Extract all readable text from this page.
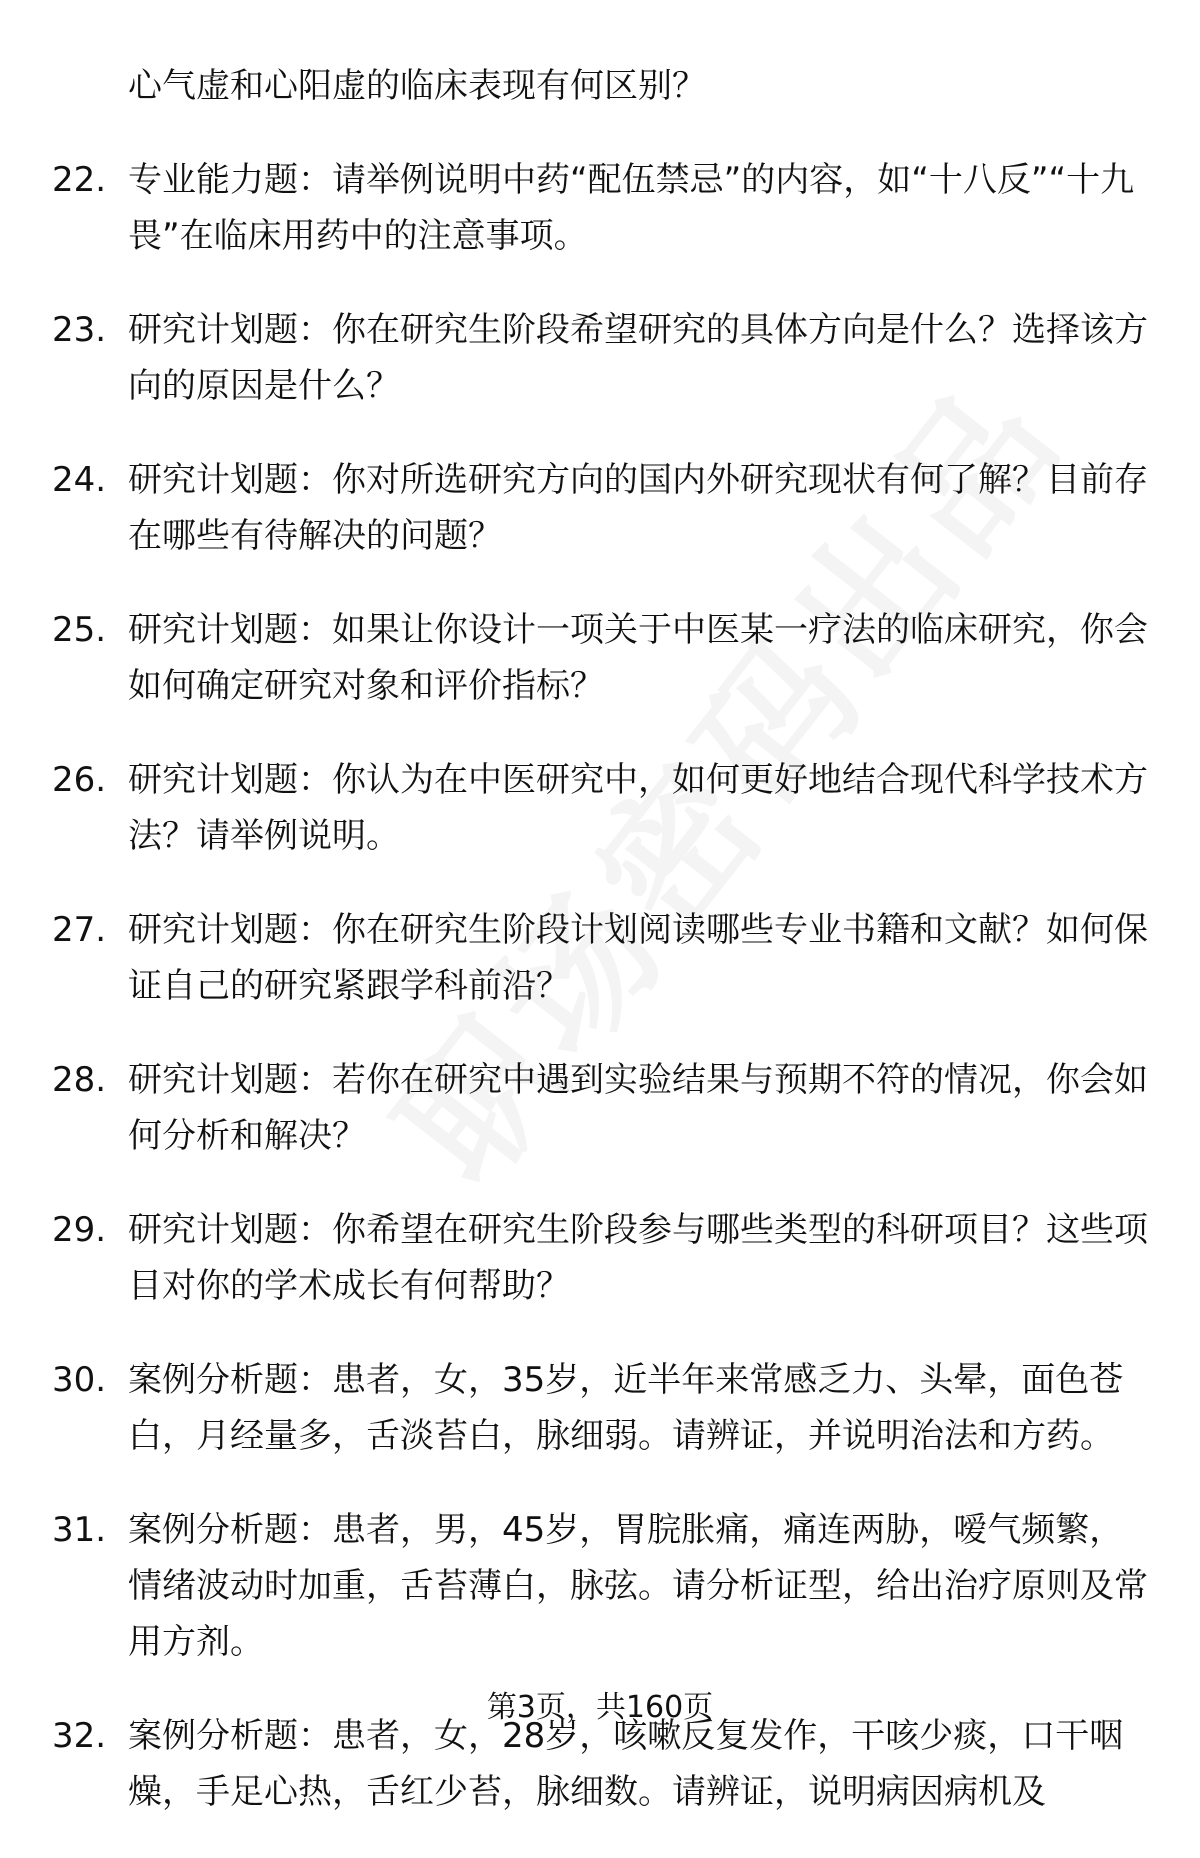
心气虚和心阳虚的临床表现有何区别？
22. 专业能力题：请举例说明中药“配伍禁忌”的内容，如“十八反”“十九畏”在临床用药中的注意事项。
23. 研究计划题：你在研究生阶段希望研究的具体方向是什么？选择该方向的原因是什么？
24. 研究计划题：你对所选研究方向的国内外研究现状有何了解？目前存在哪些有待解决的问题？
25. 研究计划题：如果让你设计一项关于中医某一疗法的临床研究，你会如何确定研究对象和评价指标？
26. 研究计划题：你认为在中医研究中，如何更好地结合现代科学技术方法？请举例说明。
27. 研究计划题：你在研究生阶段计划阅读哪些专业书籍和文献？如何保证自己的研究紧跟学科前沿？
28. 研究计划题：若你在研究中遇到实验结果与预期不符的情况，你会如何分析和解决？
29. 研究计划题：你希望在研究生阶段参与哪些类型的科研项目？这些项目对你的学术成长有何帮助？
30. 案例分析题：患者，女，35岁，近半年来常感乏力、头晕，面色苍白，月经量多，舌淡苔白，脉细弱。请辨证，并说明治法和方药。
31. 案例分析题：患者，男，45岁，胃脘胀痛，痛连两胁，嗳气频繁，情绪波动时加重，舌苔薄白，脉弦。请分析证型，给出治疗原则及常用方剂。
32. 案例分析题：患者，女，28岁，咳嗽反复发作，干咳少痰，口干咽燥，手足心热，舌红少苔，脉细数。请辨证，说明病因病机及
第3页，共160页
